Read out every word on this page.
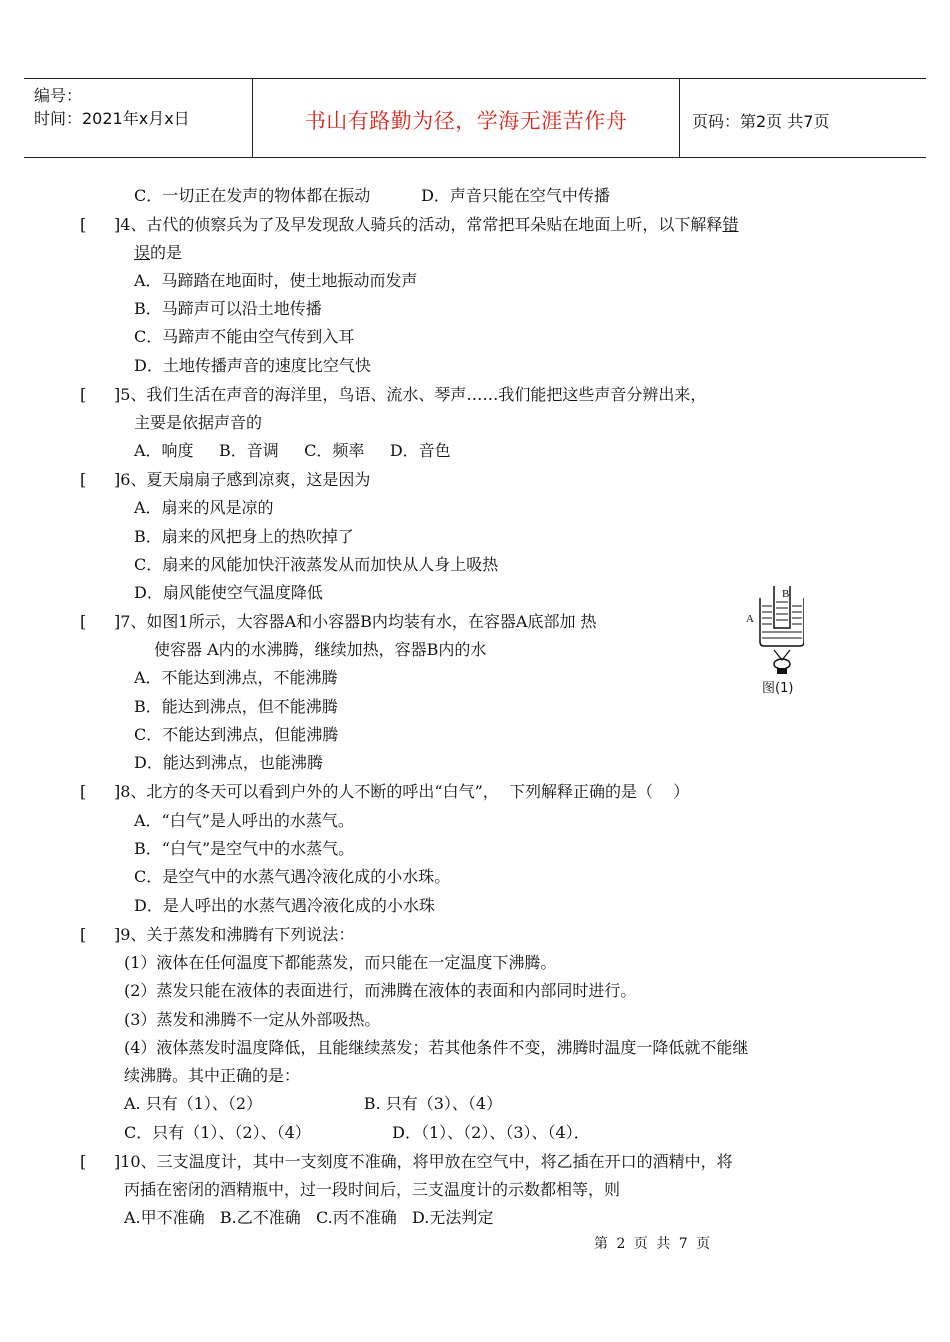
编号：
时间：2021年x月x日	书山有路勤为径，学海无涯苦作舟	页码：第2页 共7页
C．一切正在发声的物体都在振动          D．声音只能在空气中传播
[ ]4、古代的侦察兵为了及早发现敌人骑兵的活动，常常把耳朵贴在地面上听，以下解释错
误的是
A．马蹄踏在地面时，使土地振动而发声
B．马蹄声可以沿土地传播
C．马蹄声不能由空气传到入耳
D．土地传播声音的速度比空气快
[ ]5、我们生活在声音的海洋里，鸟语、流水、琴声……我们能把这些声音分辨出来，
主要是依据声音的
A．响度     B．音调     C．频率     D．音色
[ ]6、夏天扇扇子感到凉爽，这是因为
A．扇来的风是凉的
B．扇来的风把身上的热吹掉了
C．扇来的风能加快汗液蒸发从而加快从人身上吸热
D．扇风能使空气温度降低
[ ]7、如图1所示，大容器A和小容器B内均装有水，在容器A底部加 热
使容器 A内的水沸腾，继续加热，容器B内的水
A．不能达到沸点，不能沸腾
B．能达到沸点，但不能沸腾
C．不能达到沸点，但能沸腾
D．能达到沸点，也能沸腾
A
B
图(1)
[ ]8、北方的冬天可以看到户外的人不断的呼出“白气”，  下列解释正确的是（    ）
A．“白气”是人呼出的水蒸气。
B．“白气”是空气中的水蒸气。
C．是空气中的水蒸气遇冷液化成的小水珠。
D．是人呼出的水蒸气遇冷液化成的小水珠
[ ]9、关于蒸发和沸腾有下列说法：
(1）液体在任何温度下都能蒸发，而只能在一定温度下沸腾。
(2）蒸发只能在液体的表面进行，而沸腾在液体的表面和内部同时进行。
(3）蒸发和沸腾不一定从外部吸热。
(4）液体蒸发时温度降低，且能继续蒸发；若其他条件不变，沸腾时温度一降低就不能继
续沸腾。其中正确的是：
A. 只有（1）、（2）                    B. 只有（3）、（4）
C．只有（1）、（2）、（4）                D．（1）、（2）、（3）、（4）．
[ ]10、三支温度计，其中一支刻度不准确，将甲放在空气中，将乙插在开口的酒精中，将
丙插在密闭的酒精瓶中，过一段时间后，三支温度计的示数都相等，则
A.甲不准确   B.乙不准确   C.丙不准确   D.无法判定
第 2 页 共 7 页
